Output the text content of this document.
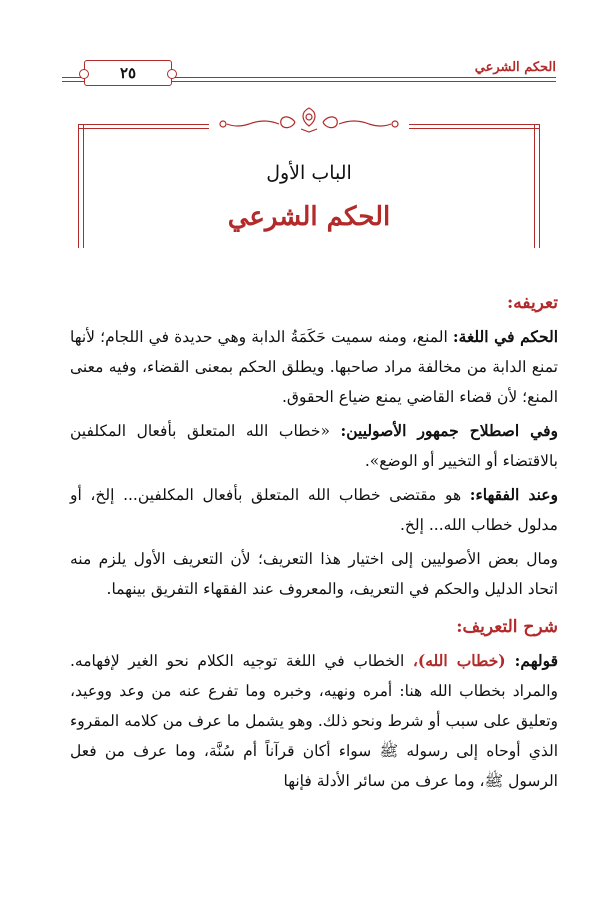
الحكم الشرعي
٢٥
الباب الأول
الحكم الشرعي
تعريفه:

الحكم في اللغة: المنع، ومنه سميت حَكَمَةُ الدابة وهي حديدة في اللجام؛ لأنها تمنع الدابة من مخالفة مراد صاحبها. ويطلق الحكم بمعنى القضاء، وفيه معنى المنع؛ لأن قضاء القاضي يمنع ضياع الحقوق.

وفي اصطلاح جمهور الأصوليين: «خطاب الله المتعلق بأفعال المكلفين بالاقتضاء أو التخيير أو الوضع».

وعند الفقهاء: هو مقتضى خطاب الله المتعلق بأفعال المكلفين... إلخ، أو مدلول خطاب الله... إلخ.

ومال بعض الأصوليين إلى اختيار هذا التعريف؛ لأن التعريف الأول يلزم منه اتحاد الدليل والحكم في التعريف، والمعروف عند الفقهاء التفريق بينهما.

شرح التعريف:

قولهم: (خطاب الله)، الخطاب في اللغة توجيه الكلام نحو الغير لإفهامه. والمراد بخطاب الله هنا: أمره ونهيه، وخبره وما تفرع عنه من وعد ووعيد، وتعليق على سبب أو شرط ونحو ذلك. وهو يشمل ما عرف من كلامه المقروء الذي أوحاه إلى رسوله ﷺ سواء أكان قرآناً أم سُنَّة، وما عرف من فعل الرسول ﷺ، وما عرف من سائر الأدلة فإنها
